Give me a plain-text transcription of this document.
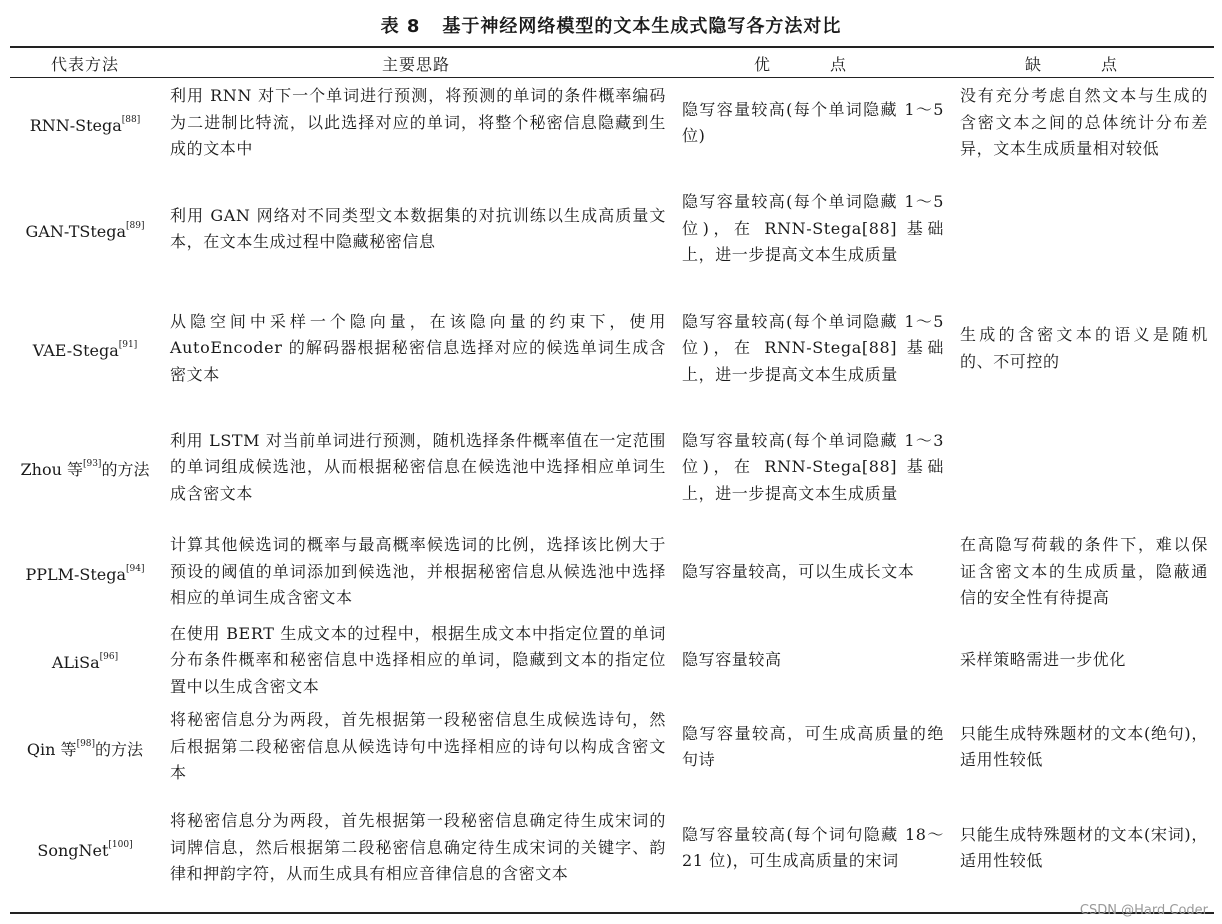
表 8 基于神经网络模型的文本生成式隐写各方法对比
代表方法	主要思路	优　点	缺　点
RNN-Stega[88]	利用 RNN 对下一个单词进行预测，将预测的单词的条件概率编码为二进制比特流，以此选择对应的单词，将整个秘密信息隐藏到生成的文本中	隐写容量较高(每个单词隐藏 1～5 位)	没有充分考虑自然文本与生成的含密文本之间的总体统计分布差异，文本生成质量相对较低
GAN-TStega[89]	利用 GAN 网络对不同类型文本数据集的对抗训练以生成高质量文本，在文本生成过程中隐藏秘密信息	隐写容量较高(每个单词隐藏 1～5 位)，在 RNN-Stega[88] 基础上，进一步提高文本生成质量	
VAE-Stega[91]	从隐空间中采样一个隐向量，在该隐向量的约束下，使用 AutoEncoder 的解码器根据秘密信息选择对应的候选单词生成含密文本	隐写容量较高(每个单词隐藏 1～5 位)，在 RNN-Stega[88] 基础上，进一步提高文本生成质量	生成的含密文本的语义是随机的、不可控的
Zhou 等[93]的方法	利用 LSTM 对当前单词进行预测，随机选择条件概率值在一定范围的单词组成候选池，从而根据秘密信息在候选池中选择相应单词生成含密文本	隐写容量较高(每个单词隐藏 1～3 位)，在 RNN-Stega[88] 基础上，进一步提高文本生成质量	
PPLM-Stega[94]	计算其他候选词的概率与最高概率候选词的比例，选择该比例大于预设的阈值的单词添加到候选池，并根据秘密信息从候选池中选择相应的单词生成含密文本	隐写容量较高，可以生成长文本	在高隐写荷载的条件下，难以保证含密文本的生成质量，隐蔽通信的安全性有待提高
ALiSa[96]	在使用 BERT 生成文本的过程中，根据生成文本中指定位置的单词分布条件概率和秘密信息中选择相应的单词，隐藏到文本的指定位置中以生成含密文本	隐写容量较高	采样策略需进一步优化
Qin 等[98]的方法	将秘密信息分为两段，首先根据第一段秘密信息生成候选诗句，然后根据第二段秘密信息从候选诗句中选择相应的诗句以构成含密文本	隐写容量较高，可生成高质量的绝句诗	只能生成特殊题材的文本(绝句)，适用性较低
SongNet[100]	将秘密信息分为两段，首先根据第一段秘密信息确定待生成宋词的词牌信息，然后根据第二段秘密信息确定待生成宋词的关键字、韵律和押韵字符，从而生成具有相应音律信息的含密文本	隐写容量较高(每个词句隐藏 18～21 位)，可生成高质量的宋词	只能生成特殊题材的文本(宋词)，适用性较低
CSDN @Hard Coder
